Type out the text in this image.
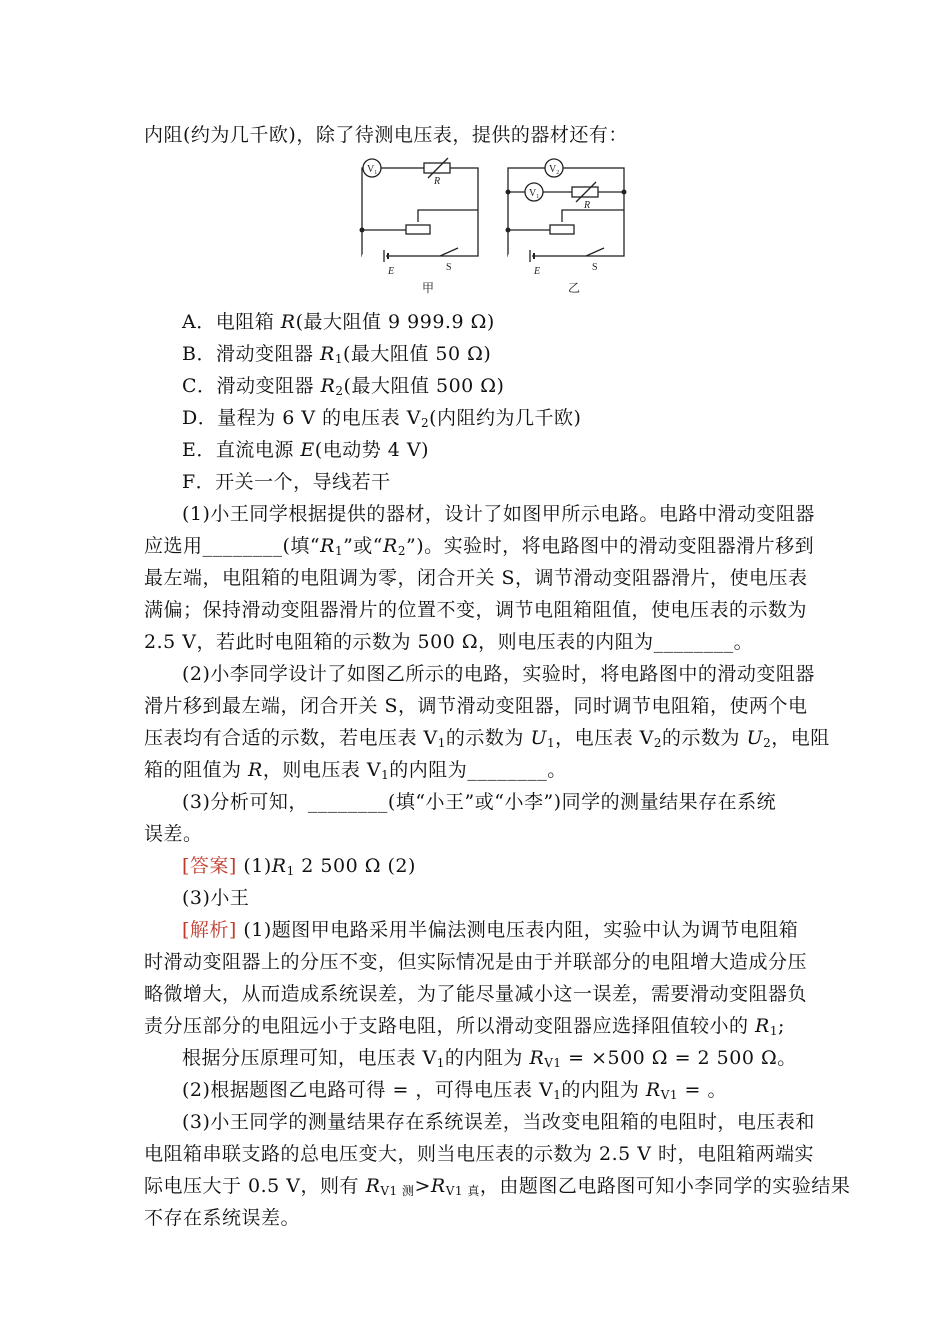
内阻(约为几千欧)，除了待测电压表，提供的器材还有：
$V_1$
R
E	S
$V_2$
$V_1$
R
E	S
甲	乙
A．电阻箱 R(最大阻值 9 999.9 Ω)
B．滑动变阻器 $R_1$(最大阻值 50 Ω)
C．滑动变阻器 $R_2$(最大阻值 500 Ω)
D．量程为 6 V 的电压表 $V_2$(内阻约为几千欧)
E．直流电源 E(电动势 4 V)
F．开关一个，导线若干
(1)小王同学根据提供的器材，设计了如图甲所示电路。电路中滑动变阻器
应选用________(填“$R_1$”或“$R_2$”)。实验时，将电路图中的滑动变阻器滑片移到
最左端，电阻箱的电阻调为零，闭合开关 S，调节滑动变阻器滑片，使电压表
满偏；保持滑动变阻器滑片的位置不变，调节电阻箱阻值，使电压表的示数为
2.5 V，若此时电阻箱的示数为 500 Ω，则电压表的内阻为________。
(2)小李同学设计了如图乙所示的电路，实验时，将电路图中的滑动变阻器
滑片移到最左端，闭合开关 S，调节滑动变阻器，同时调节电阻箱，使两个电
压表均有合适的示数，若电压表 $V_1$的示数为 $U_1$，电压表 $V_2$的示数为 $U_2$，电阻
箱的阻值为 R，则电压表 $V_1$的内阻为________。
(3)分析可知，________(填“小王”或“小李”)同学的测量结果存在系统
误差。
[答案] $(1)R_1$ 2 500 Ω (2)
(3)小王
[解析] (1)题图甲电路采用半偏法测电压表内阻，实验中认为调节电阻箱
时滑动变阻器上的分压不变，但实际情况是由于并联部分的电阻增大造成分压
略微增大，从而造成系统误差，为了能尽量减小这一误差，需要滑动变阻器负
责分压部分的电阻远小于支路电阻，所以滑动变阻器应选择阻值较小的 $R_1$;
根据分压原理可知，电压表 $V_1$的内阻为 $R_{V1} = \times 500$ Ω = 2 500 Ω。
(2)根据题图乙电路可得 = ，可得电压表 $V_1$的内阻为 $R_{V1}$ = 。
(3)小王同学的测量结果存在系统误差，当改变电阻箱的电阻时，电压表和
电阻箱串联支路的总电压变大，则当电压表的示数为 2.5 V 时，电阻箱两端实
际电压大于 0.5 V，则有 $R_{V1 测}>R_{V1 真}$，由题图乙电路图可知小李同学的实验结果
不存在系统误差。
